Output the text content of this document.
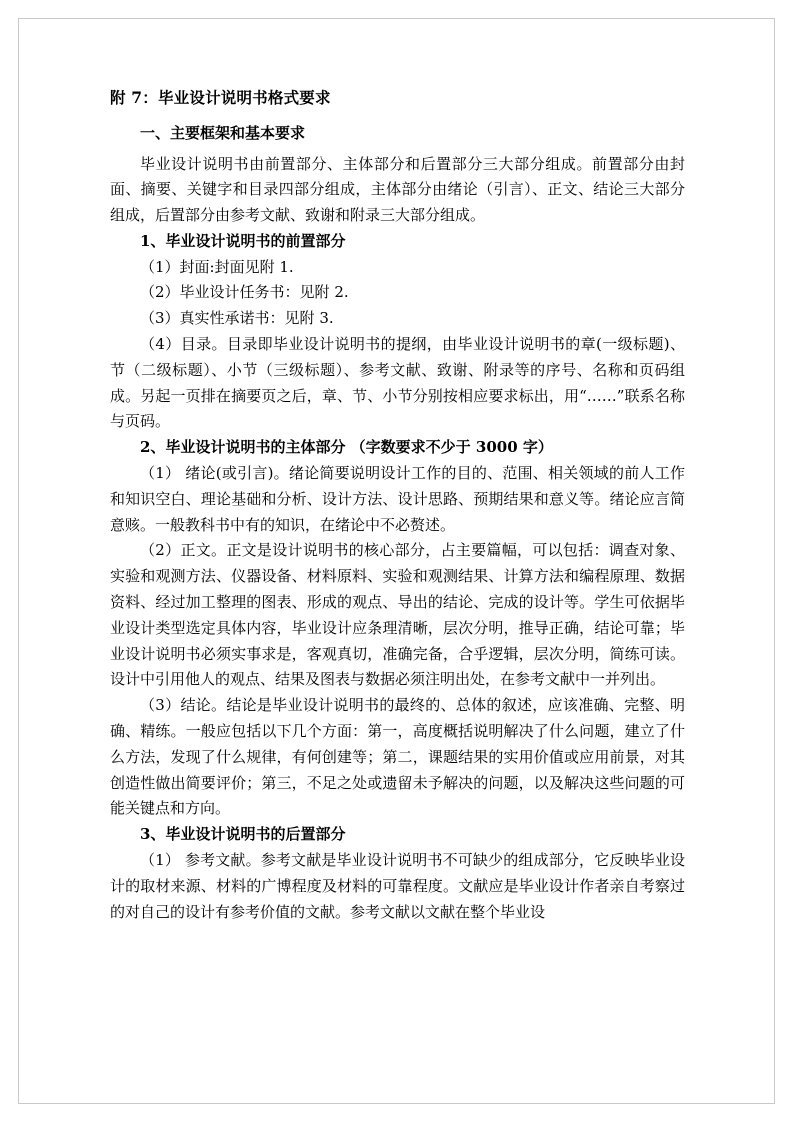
附 7：毕业设计说明书格式要求
一、主要框架和基本要求

毕业设计说明书由前置部分、主体部分和后置部分三大部分组成。前置部分由封面、摘要、关键字和目录四部分组成，主体部分由绪论（引言）、正文、结论三大部分组成，后置部分由参考文献、致谢和附录三大部分组成。

1、毕业设计说明书的前置部分

（1）封面:封面见附 1.

（2）毕业设计任务书：见附 2.

（3）真实性承诺书：见附 3.

（4）目录。目录即毕业设计说明书的提纲，由毕业设计说明书的章(一级标题)、节（二级标题）、小节（三级标题）、参考文献、致谢、附录等的序号、名称和页码组成。另起一页排在摘要页之后，章、节、小节分别按相应要求标出，用“……”联系名称与页码。

2、毕业设计说明书的主体部分 （字数要求不少于 3000 字）

（1） 绪论(或引言)。绪论简要说明设计工作的目的、范围、相关领域的前人工作和知识空白、理论基础和分析、设计方法、设计思路、预期结果和意义等。绪论应言简意赅。一般教科书中有的知识，在绪论中不必赘述。

（2）正文。正文是设计说明书的核心部分，占主要篇幅，可以包括：调查对象、实验和观测方法、仪器设备、材料原料、实验和观测结果、计算方法和编程原理、数据资料、经过加工整理的图表、形成的观点、导出的结论、完成的设计等。学生可依据毕业设计类型选定具体内容，毕业设计应条理清晰，层次分明，推导正确，结论可靠；毕业设计说明书必须实事求是，客观真切，准确完备，合乎逻辑，层次分明，简练可读。设计中引用他人的观点、结果及图表与数据必须注明出处，在参考文献中一并列出。

（3）结论。结论是毕业设计说明书的最终的、总体的叙述，应该准确、完整、明确、精练。一般应包括以下几个方面：第一，高度概括说明解决了什么问题，建立了什么方法，发现了什么规律，有何创建等；第二，课题结果的实用价值或应用前景，对其创造性做出简要评价；第三，不足之处或遗留未予解决的问题，以及解决这些问题的可能关键点和方向。

3、毕业设计说明书的后置部分

（1） 参考文献。参考文献是毕业设计说明书不可缺少的组成部分，它反映毕业设计的取材来源、材料的广博程度及材料的可靠程度。文献应是毕业设计作者亲自考察过的对自己的设计有参考价值的文献。参考文献以文献在整个毕业设
